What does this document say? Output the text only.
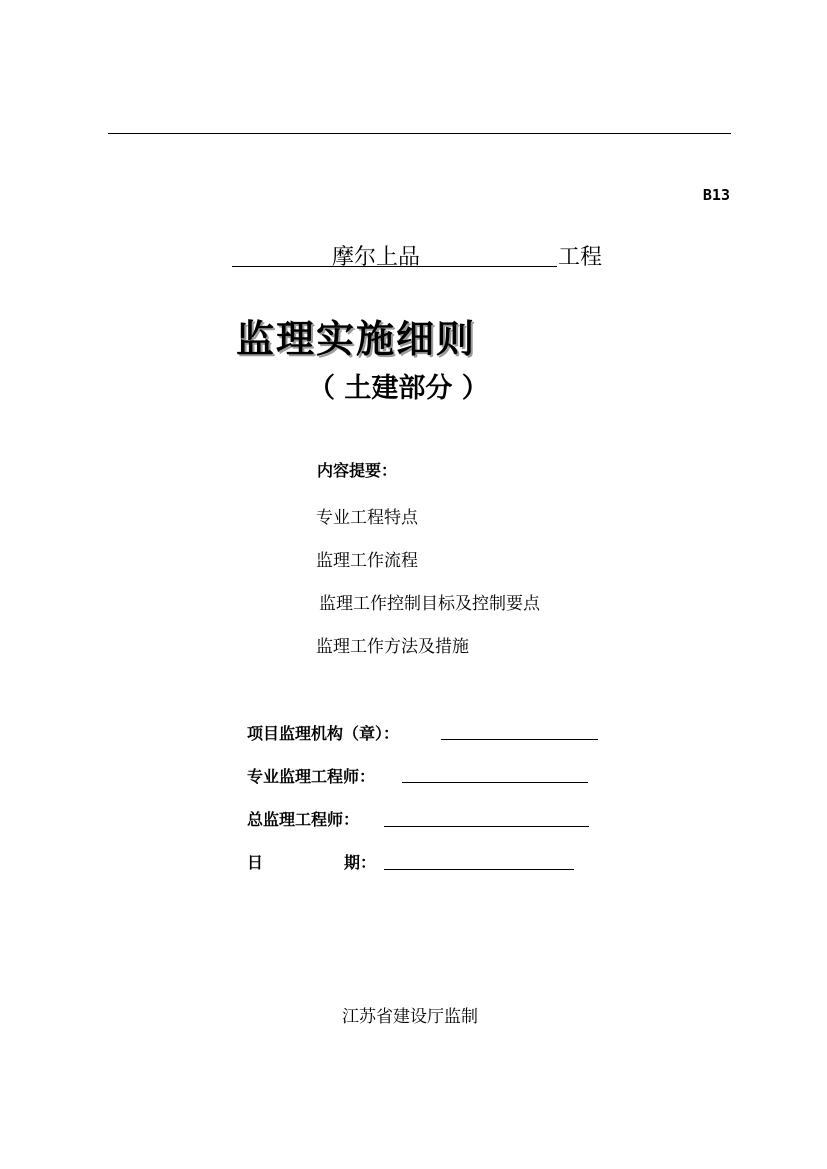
B13
摩尔上品	工程
监理实施细则
（ 土建部分 ）
内容提要：
专业工程特点
监理工作流程
监理工作控制目标及控制要点
监理工作方法及措施
项目监理机构（章）：
专业监理工程师：
总监理工程师：
日	期：
江苏省建设厅监制
